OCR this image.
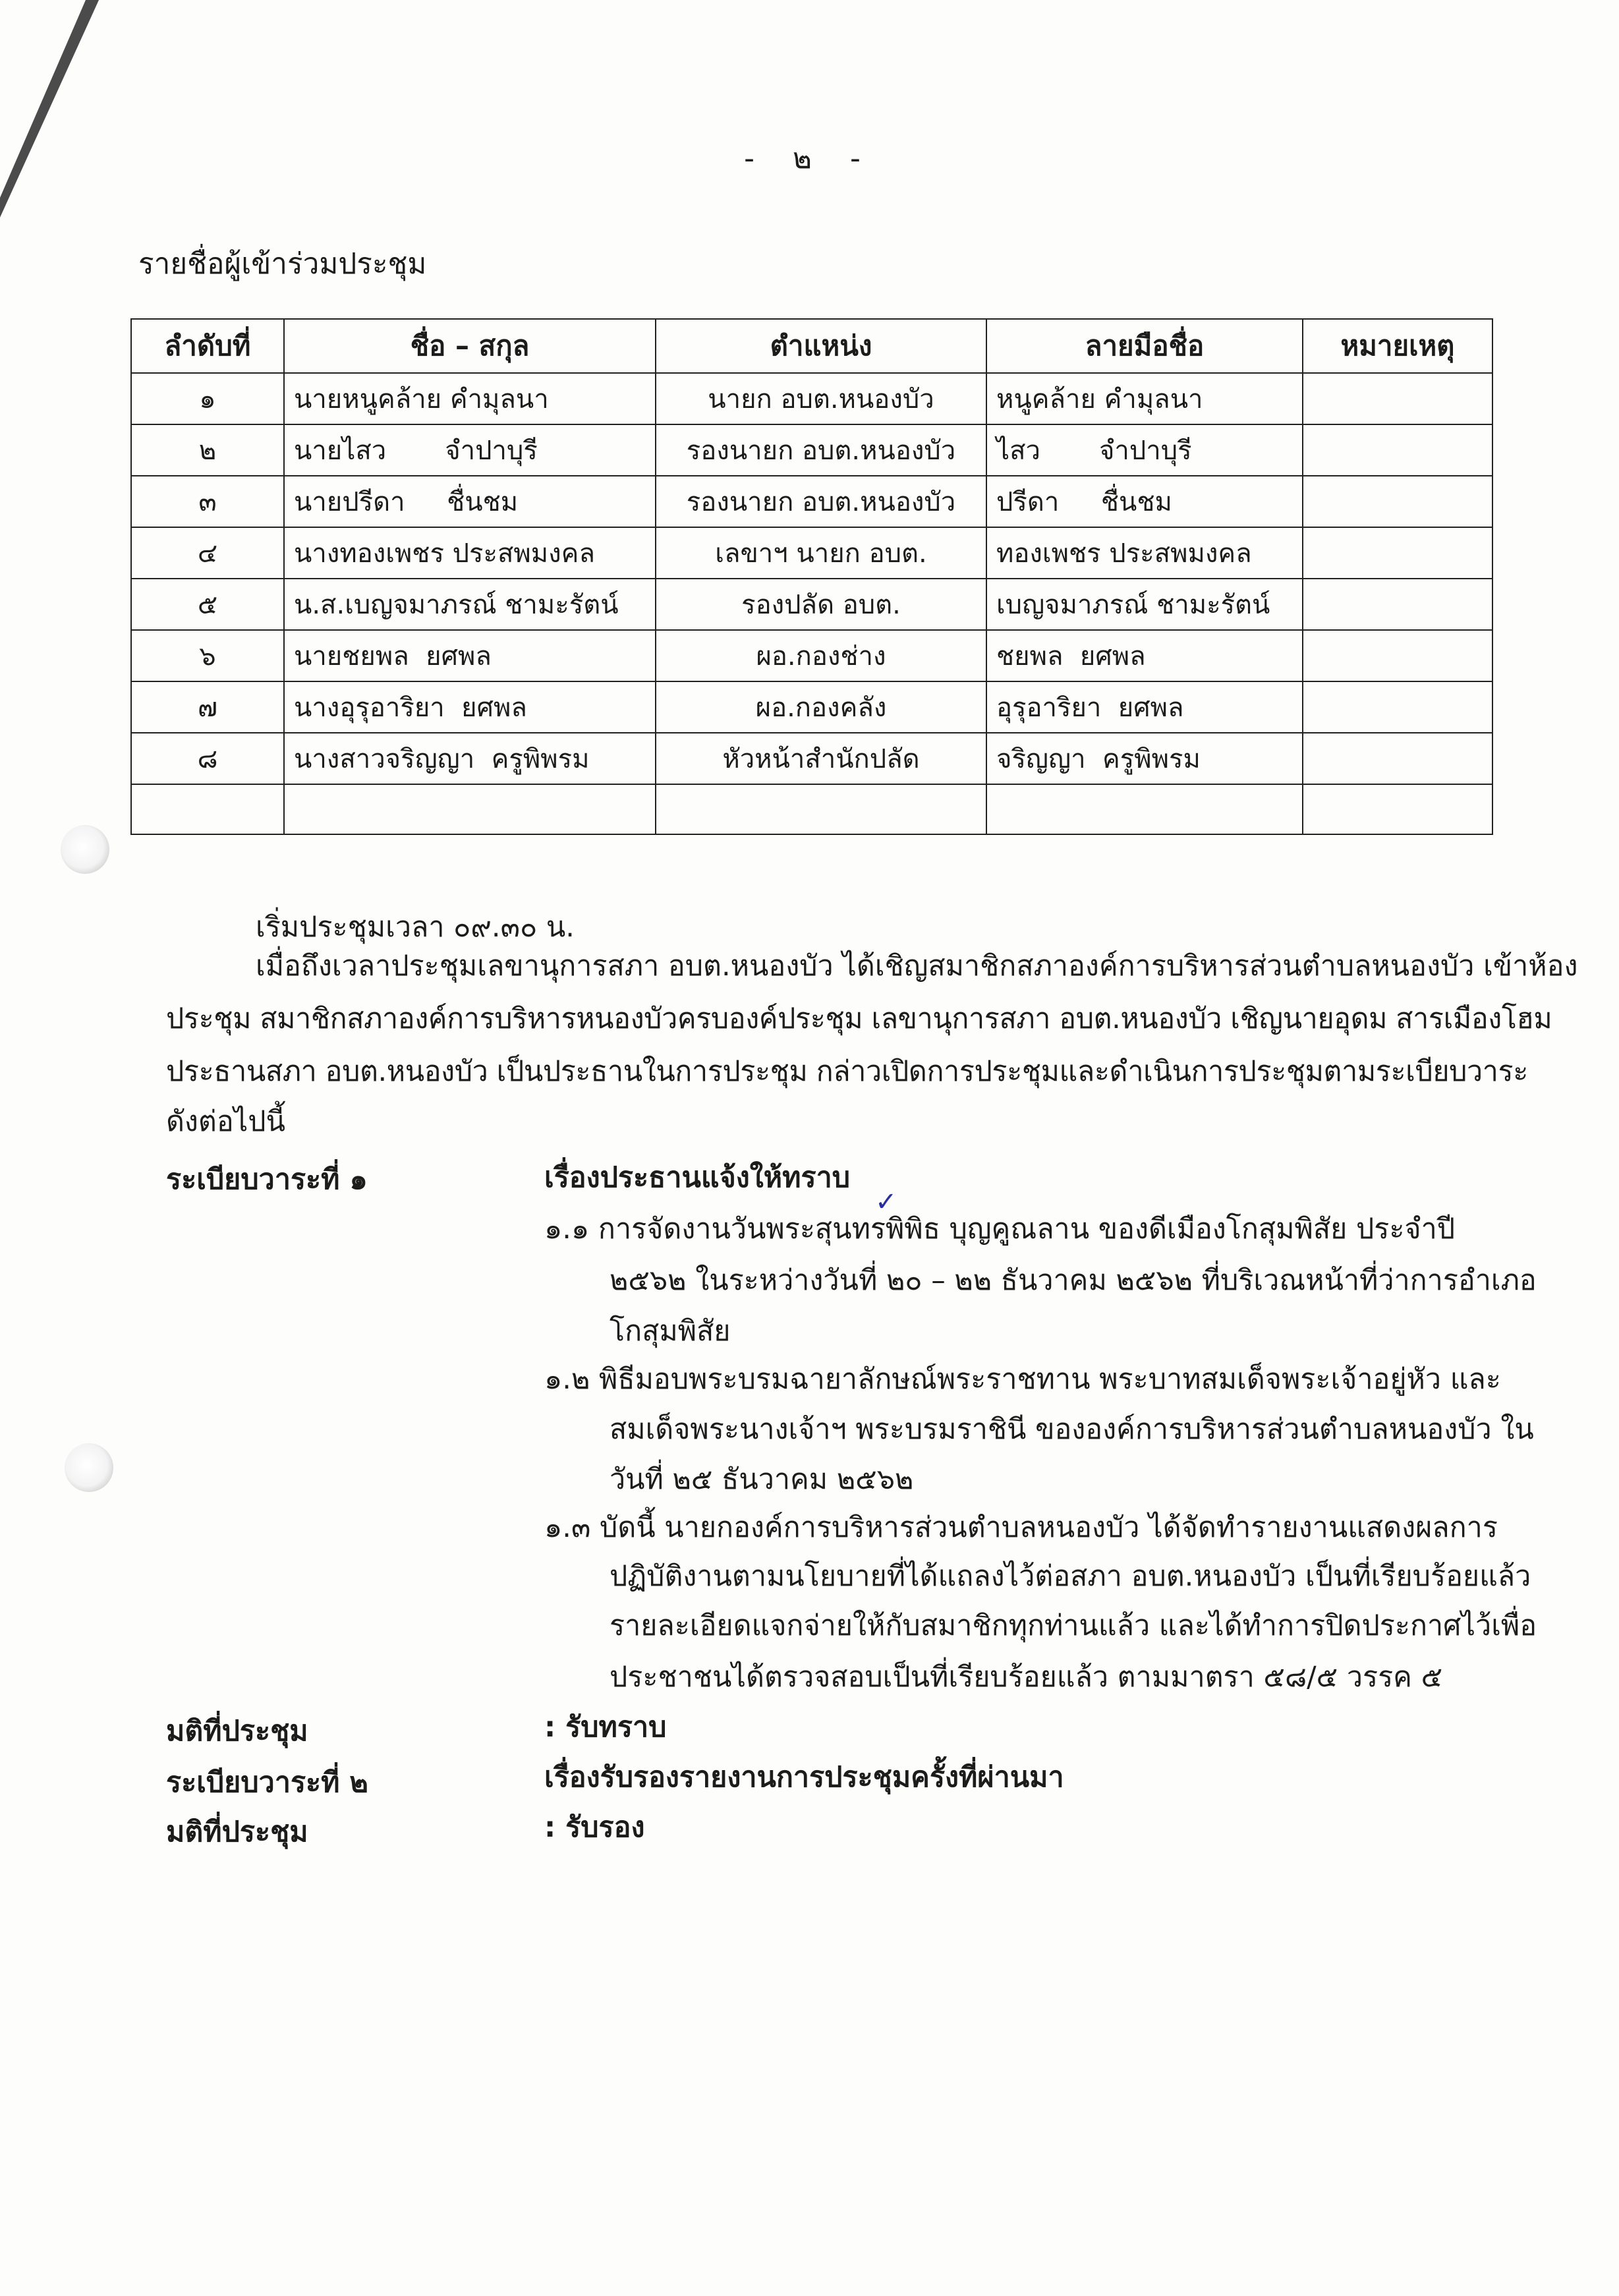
- ๒ -
รายชื่อผู้เข้าร่วมประชุม
ลำดับที่	ชื่อ – สกุล	ตำแหน่ง	ลายมือชื่อ	หมายเหตุ
๑	นายหนูคล้าย คำมุลนา	นายก อบต.หนองบัว	หนูคล้าย คำมุลนา	
๒	นายไสว       จำปาบุรี	รองนายก อบต.หนองบัว	ไสว       จำปาบุรี	
๓	นายปรีดา     ชื่นชม	รองนายก อบต.หนองบัว	ปรีดา     ชื่นชม	
๔	นางทองเพชร ประสพมงคล	เลขาฯ นายก อบต.	ทองเพชร ประสพมงคล	
๕	น.ส.เบญจมาภรณ์ ชามะรัตน์	รองปลัด อบต.	เบญจมาภรณ์ ชามะรัตน์	
๖	นายชยพล  ยศพล	ผอ.กองช่าง	ชยพล  ยศพล	
๗	นางอุรุอาริยา  ยศพล	ผอ.กองคลัง	อุรุอาริยา  ยศพล	
๘	นางสาวจริญญา  ครูพิพรม	หัวหน้าสำนักปลัด	จริญญา  ครูพิพรม	

เริ่มประชุมเวลา ๐๙.๓๐ น.
เมื่อถึงเวลาประชุมเลขานุการสภา อบต.หนองบัว ได้เชิญสมาชิกสภาองค์การบริหารส่วนตำบลหนองบัว เข้าห้อง
ประชุม สมาชิกสภาองค์การบริหารหนองบัวครบองค์ประชุม เลขานุการสภา อบต.หนองบัว เชิญนายอุดม สารเมืองโฮม
ประธานสภา อบต.หนองบัว เป็นประธานในการประชุม กล่าวเปิดการประชุมและดำเนินการประชุมตามระเบียบวาระ
ดังต่อไปนี้
ระเบียบวาระที่ ๑	เรื่องประธานแจ้งให้ทราบ
๑.๑ การจัดงานวันพระสุนทรพิพิธ บุญคูณลาน ของดีเมืองโกสุมพิสัย ประจำปี
✓
๒๕๖๒ ในระหว่างวันที่ ๒๐ – ๒๒ ธันวาคม ๒๕๖๒ ที่บริเวณหน้าที่ว่าการอำเภอ
โกสุมพิสัย
๑.๒ พิธีมอบพระบรมฉายาลักษณ์พระราชทาน พระบาทสมเด็จพระเจ้าอยู่หัว และ
สมเด็จพระนางเจ้าฯ พระบรมราชินี ขององค์การบริหารส่วนตำบลหนองบัว ใน
วันที่ ๒๕ ธันวาคม ๒๕๖๒
๑.๓ บัดนี้ นายกองค์การบริหารส่วนตำบลหนองบัว ได้จัดทำรายงานแสดงผลการ
ปฏิบัติงานตามนโยบายที่ได้แถลงไว้ต่อสภา อบต.หนองบัว เป็นที่เรียบร้อยแล้ว
รายละเอียดแจกจ่ายให้กับสมาชิกทุกท่านแล้ว และได้ทำการปิดประกาศไว้เพื่อ
ประชาชนได้ตรวจสอบเป็นที่เรียบร้อยแล้ว ตามมาตรา ๕๘/๕ วรรค ๕
มติที่ประชุม	: รับทราบ
ระเบียบวาระที่ ๒	เรื่องรับรองรายงานการประชุมครั้งที่ผ่านมา
มติที่ประชุม	: รับรอง
